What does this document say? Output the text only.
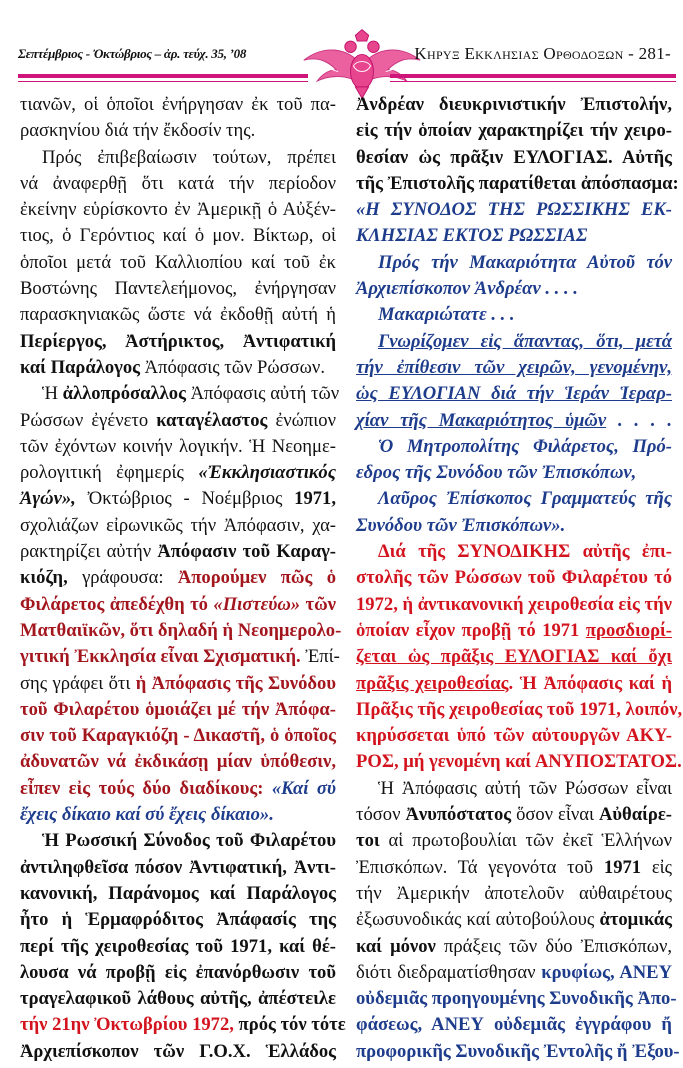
Σεπτέμβριος - Ὀκτώβριος – ἀρ. τεύχ. 35, ’08	Κηρυξ Εκκλησιας Ορθοδοξων - 281-
τιανῶν, οἱ ὁποῖοι ἐνήργησαν ἐκ τοῦ πα-
ρασκηνίου διά τήν ἔκδοσίν της.
Πρός ἐπιβεβαίωσιν τούτων, πρέπει
νά ἀναφερθῇ ὅτι κατά τήν περίοδον
ἐκείνην εὑρίσκοντο ἐν Ἀμερικῇ ὁ Αὐξέν-
τιος, ὁ Γερόντιος καί ὁ μον. Βίκτωρ, οἱ
ὁποῖοι μετά τοῦ Καλλιοπίου καί τοῦ ἐκ
Βοστώνης Παντελεήμονος, ἐνήργησαν
παρασκηνιακῶς ὥστε νά ἐκδοθῇ αὐτή ἡ
Περίεργος, Ἀστήρικτος, Ἀντιφατική
καί Παράλογος Ἀπόφασις τῶν Ρώσσων.
Ἡ ἀλλοπρόσαλλος Ἀπόφασις αὐτή τῶν
Ρώσσων ἐγένετο καταγέλαστος ἐνώπιον
τῶν ἐχόντων κοινήν λογικήν. Ἡ Νεοημε-
ρολογιτική ἐφημερίς «Ἐκκλησιαστικός
Ἀγών», Ὀκτώβριος - Νοέμβριος 1971,
σχολιάζων εἰρωνικῶς τήν Ἀπόφασιν, χα-
ρακτηρίζει αὐτήν Ἀπόφασιν τοῦ Καραγ-
κιόζη, γράφουσα: Ἀπορούμεν πῶς ὁ
Φιλάρετος ἀπεδέχθη τό «Πιστεύω» τῶν
Ματθαιϊκῶν, ὅτι δηλαδή ἡ Νεοημερολο-
γιτική Ἐκκλησία εἶναι Σχισματική. Ἐπί-
σης γράφει ὅτι ἡ Ἀπόφασις τῆς Συνόδου
τοῦ Φιλαρέτου ὁμοιάζει μέ τήν Ἀπόφα-
σιν τοῦ Καραγκιόζη - Δικαστῆ, ὁ ὁποῖος
ἀδυνατῶν νά ἐκδικάσῃ μίαν ὑπόθεσιν,
εἶπεν εἰς τούς δύο διαδίκους: «Καί σύ
ἔχεις δίκαιο καί σύ ἔχεις δίκαιο».
Ἡ Ρωσσική Σύνοδος τοῦ Φιλαρέτου
ἀντιληφθεῖσα πόσον Ἀντιφατική, Ἀντι-
κανονική, Παράνομος καί Παράλογος
ἦτο ἡ Ἑρμαφρόδιτος Ἀπάφασίς της
περί τῆς χειροθεσίας τοῦ 1971, καί θέ-
λουσα νά προβῇ εἰς ἐπανόρθωσιν τοῦ
τραγελαφικοῦ λάθους αὐτῆς, ἀπέστειλε
τήν 21ην Ὀκτωβρίου 1972, πρός τόν τότε
Ἀρχιεπίσκοπον τῶν Γ.Ο.Χ. Ἑλλάδος
Ἀνδρέαν διευκρινιστικήν Ἐπιστολήν,
εἰς τήν ὁποίαν χαρακτηρίζει τήν χειρο-
θεσίαν ὡς πρᾶξιν ΕΥΛΟΓΙΑΣ. Αὐτῆς
τῆς Ἐπιστολῆς παρατίθεται ἀπόσπασμα:
«Η ΣΥΝΟΔΟΣ ΤΗΣ ΡΩΣΣΙΚΗΣ ΕΚ-
ΚΛΗΣΙΑΣ ΕΚΤΟΣ ΡΩΣΣΙΑΣ
Πρός τήν Μακαριότητα Αὐτοῦ τόν
Ἀρχιεπίσκοπον Ἀνδρέαν . . . .
Μακαριώτατε . . .
Γνωρίζομεν εἰς ἅπαντας, ὅτι, μετά
τήν ἐπίθεσιν τῶν χειρῶν, γενομένην,
ὡς ΕΥΛΟΓΙΑΝ διά τήν Ἱεράν Ἱεραρ-
χίαν τῆς Μακαριότητος ὑμῶν . . . .
Ὁ Μητροπολίτης Φιλάρετος, Πρό-
εδρος τῆς Συνόδου τῶν Ἐπισκόπων,
Λαῦρος Ἐπίσκοπος Γραμματεύς τῆς
Συνόδου τῶν Ἐπισκόπων».
Διά τῆς ΣΥΝΟΔΙΚΗΣ αὐτῆς ἐπι-
στολῆς τῶν Ρώσσων τοῦ Φιλαρέτου τό
1972, ἡ ἀντικανονική χειροθεσία εἰς τήν
ὁποίαν εἶχον προβῇ τό 1971 προσδιορί-
ζεται ὡς πρᾶξις ΕΥΛΟΓΙΑΣ καί ὄχι
πρᾶξις χειροθεσίας. Ἡ Ἀπόφασις καί ἡ
Πρᾶξις τῆς χειροθεσίας τοῦ 1971, λοιπόν,
κηρύσσεται ὑπό τῶν αὐτουργῶν ΑΚΥ-
ΡΟΣ, μή γενομένη καί ΑΝΥΠΟΣΤΑΤΟΣ.
Ἡ Ἀπόφασις αὐτή τῶν Ρώσσων εἶναι
τόσον Ἀνυπόστατος ὅσον εἶναι Αὐθαίρε-
τοι αἱ πρωτοβουλίαι τῶν ἐκεῖ Ἑλλήνων
Ἐπισκόπων. Τά γεγονότα τοῦ 1971 εἰς
τήν Ἀμερικήν ἀποτελοῦν αὐθαιρέτους
ἐξωσυνοδικάς καί αὐτοβούλους ἀτομικάς
καί μόνον πράξεις τῶν δύο Ἐπισκόπων,
διότι διεδραματίσθησαν κρυφίως, ΑΝΕΥ
οὐδεμιᾶς προηγουμένης Συνοδικῆς Ἀπο-
φάσεως, ΑΝΕΥ οὐδεμιᾶς ἐγγράφου ἤ
προφορικῆς Συνοδικῆς Ἐντολῆς ἤ Ἐξου-
